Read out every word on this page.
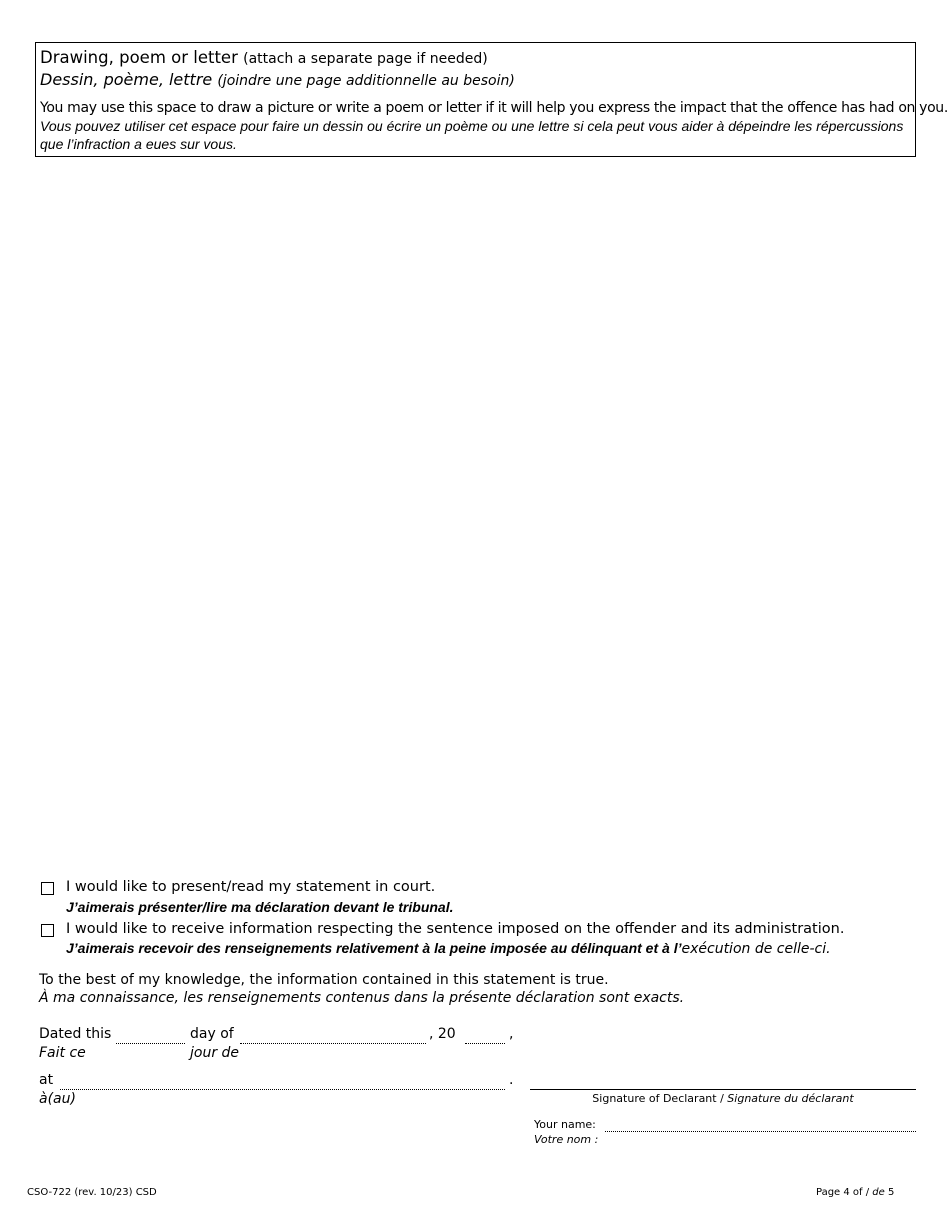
Drawing, poem or letter (attach a separate page if needed)
Dessin, poème, lettre (joindre une page additionnelle au besoin)
You may use this space to draw a picture or write a poem or letter if it will help you express the impact that the offence has had on you.
Vous pouvez utiliser cet espace pour faire un dessin ou écrire un poème ou une lettre si cela peut vous aider à dépeindre les répercussions que l’infraction a eues sur vous.
I would like to present/read my statement in court.
J’aimerais présenter/lire ma déclaration devant le tribunal.
I would like to receive information respecting the sentence imposed on the offender and its administration.
J’aimerais recevoir des renseignements relativement à la peine imposée au délinquant et à l’exécution de celle-ci.
To the best of my knowledge, the information contained in this statement is true.
À ma connaissance, les renseignements contenus dans la présente déclaration sont exacts.
Dated this
Fait ce
day of
jour de
, 20	,
at
à(au)
.
Signature of Declarant / Signature du déclarant
Your name:
Votre nom :
CSO-722 (rev. 10/23) CSD	Page 4 of / de 5
